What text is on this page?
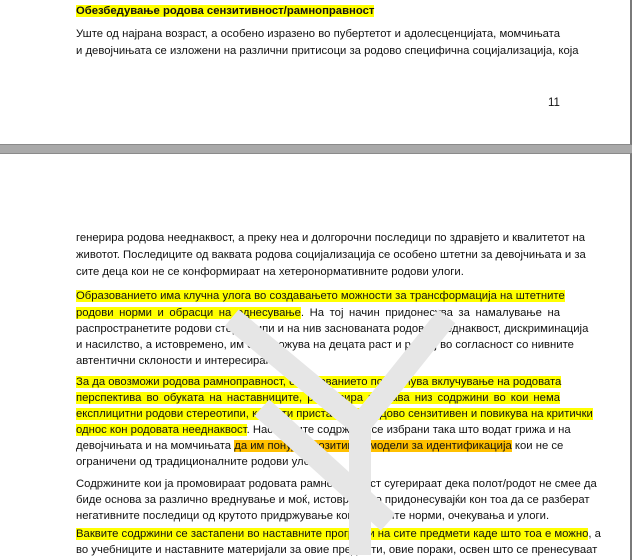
Обезбедување родова сензитивност/рамноправност
Уште од најрана возраст, а особено изразено во пубертетот и адолесценцијата, момчињата
и девојчињата се изложени на различни притисоци за родово специфична социјализација, која
11
генерира родова нееднаквост, а преку неа и долгорочни последици по здравјето и квалитетот на
животот. Последиците од ваквата родова социјализација се особено штетни за девојчињата и за
сите деца кои не се конформираат на хетеронормативните родови улоги.
Образованието има клучна улога во создавањето можности за трансформација на штетните
родови норми и обрасци на однесување. На тој начин придонесува за намалување на
распространетите родови стереотипи и на нив заснованата родова нееднаквост, дискриминација
и насилство, а истовремено, им овозможува на децата раст и развој во согласност со нивните
автентични склоности и интересирања.
За да овозможи родова рамноправност, образованието поттикнува вклучување на родовата
перспектива во обуката на наставниците, реализира настава низ содржини во кои нема
експлицитни родови стереотипи, користи пристап кој е родово сензитивен и повикува на критички
однос кон родовата нееднаквост. Наставните содржини се избрани така што водат грижа и на
девојчињата и на момчињата да им понудат позитивни модели за идентификација кои не се
ограничени од традиционалните родови улоги.
Содржините кои ја промовираат родовата рамноправност сугерираат дека полот/родот не смее да
биде основа за различно вреднување и моќ, истовремено придонесувајќи кон тоа да се разберат
негативните последици од крутото придржување кон родовите норми, очекувања и улоги.
Ваквите содржини се застапени во наставните програми на сите предмети каде што тоа е можно, а
во учебниците и наставните материјали за овие предмети, овие пораки, освен што се пренесуваат
